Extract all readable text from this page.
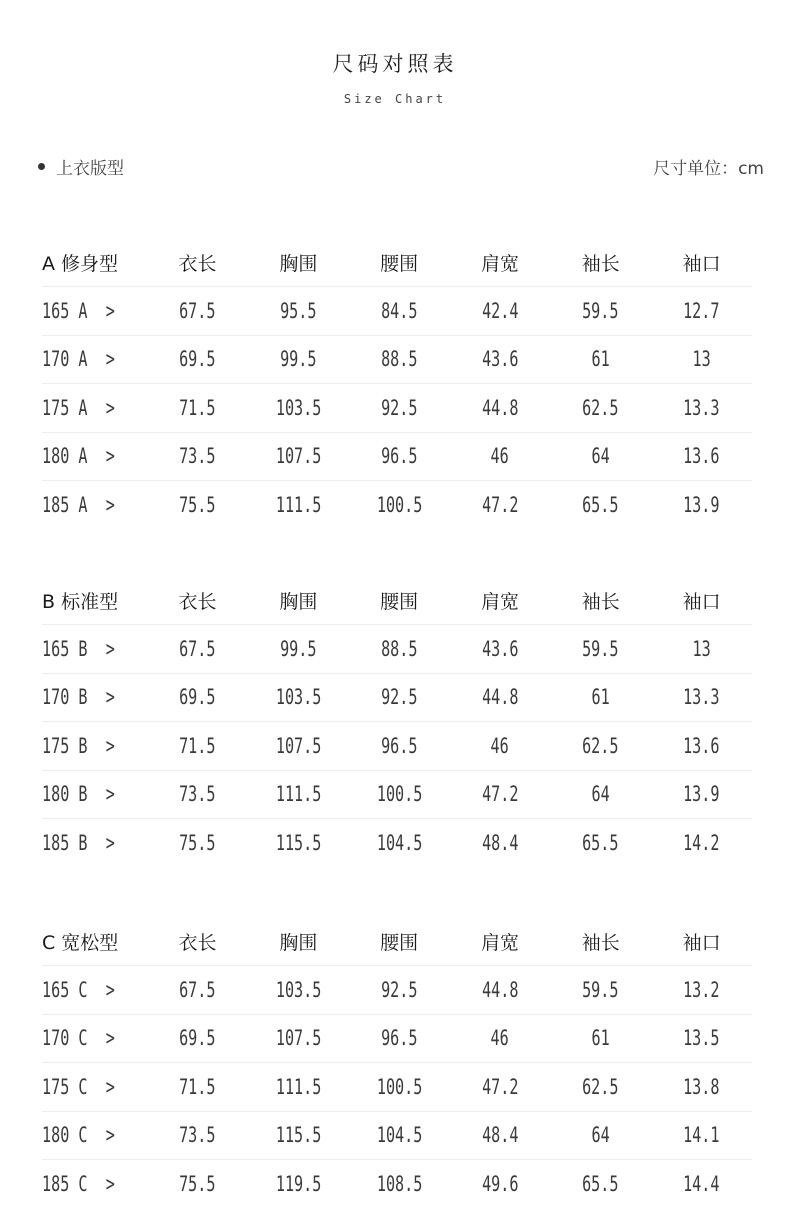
尺码对照表
Size Chart
上衣版型	尺寸单位：cm
A 修身型	衣长	胸围	腰围	肩宽	袖长	袖口
165 A  >	67.5	95.5	84.5	42.4	59.5	12.7
170 A  >	69.5	99.5	88.5	43.6	61	13
175 A  >	71.5	103.5	92.5	44.8	62.5	13.3
180 A  >	73.5	107.5	96.5	46	64	13.6
185 A  >	75.5	111.5	100.5	47.2	65.5	13.9
B 标准型	衣长	胸围	腰围	肩宽	袖长	袖口
165 B  >	67.5	99.5	88.5	43.6	59.5	13
170 B  >	69.5	103.5	92.5	44.8	61	13.3
175 B  >	71.5	107.5	96.5	46	62.5	13.6
180 B  >	73.5	111.5	100.5	47.2	64	13.9
185 B  >	75.5	115.5	104.5	48.4	65.5	14.2
C 宽松型	衣长	胸围	腰围	肩宽	袖长	袖口
165 C  >	67.5	103.5	92.5	44.8	59.5	13.2
170 C  >	69.5	107.5	96.5	46	61	13.5
175 C  >	71.5	111.5	100.5	47.2	62.5	13.8
180 C  >	73.5	115.5	104.5	48.4	64	14.1
185 C  >	75.5	119.5	108.5	49.6	65.5	14.4
